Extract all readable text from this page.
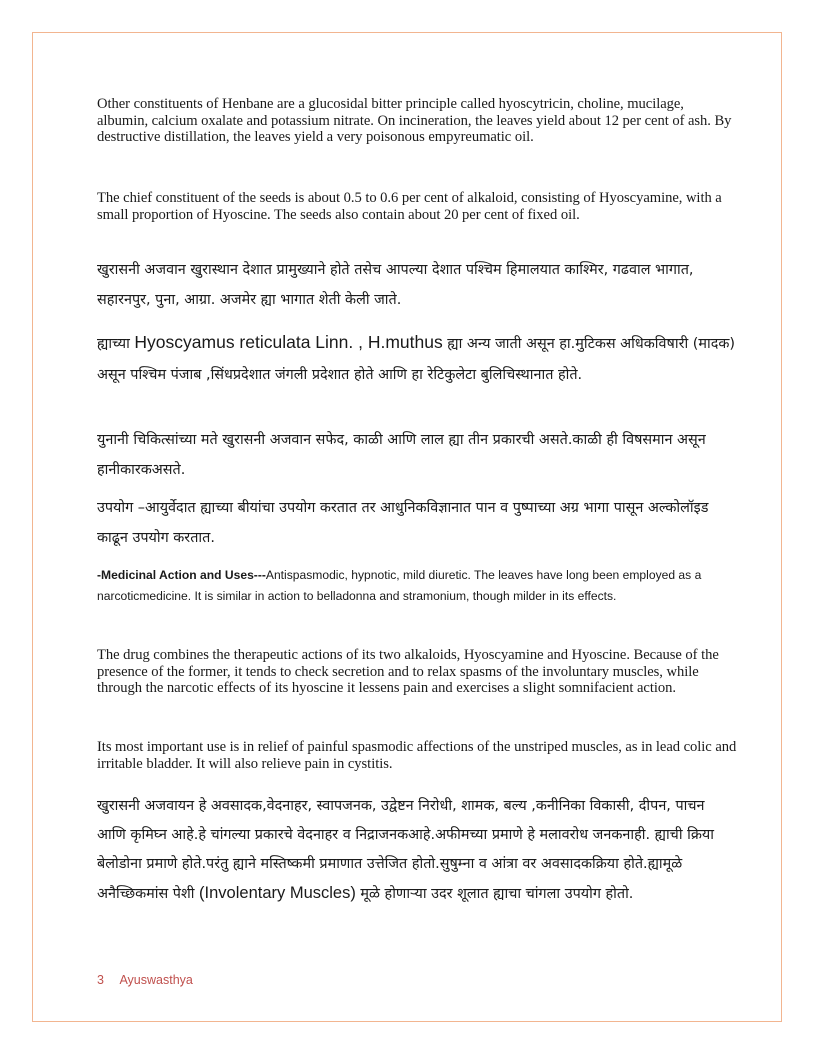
Other constituents of Henbane are a glucosidal bitter principle called hyoscytricin, choline, mucilage, albumin, calcium oxalate and potassium nitrate. On incineration, the leaves yield about 12 per cent of ash. By destructive distillation, the leaves yield a very poisonous empyreumatic oil.

The chief constituent of the seeds is about 0.5 to 0.6 per cent of alkaloid, consisting of Hyoscyamine, with a small proportion of Hyoscine. The seeds also contain about 20 per cent of fixed oil.

खुरासनी अजवान खुरास्थान देशात प्रामुख्याने होते तसेच आपल्या देशात पश्चिम हिमालयात काश्मिर, गढवाल भागात, सहारनपुर, पुना, आग्रा. अजमेर ह्या भागात शेती केली जाते.

ह्याच्या Hyoscyamus reticulata Linn. , H.muthus ह्या अन्य जाती असून हा.मुटिकस अधिकविषारी (मादक) असून पश्चिम पंजाब ,सिंधप्रदेशात जंगली प्रदेशात होते आणि हा रेटिकुलेटा बुलिचिस्थानात होते.

युनानी चिकित्सांच्या मते खुरासनी अजवान सफेद, काळी आणि लाल ह्या तीन प्रकारची असते.काळी ही विषसमान असून हानीकारकअसते.

उपयोग –आयुर्वेदात ह्याच्या बीयांचा उपयोग करतात तर आधुनिकविज्ञानात पान व पुष्पाच्या अग्र भागा पासून अल्कोलॉइड काढून उपयोग करतात.

-Medicinal Action and Uses---Antispasmodic, hypnotic, mild diuretic. The leaves have long been employed as a narcoticmedicine. It is similar in action to belladonna and stramonium, though milder in its effects.

The drug combines the therapeutic actions of its two alkaloids, Hyoscyamine and Hyoscine. Because of the presence of the former, it tends to check secretion and to relax spasms of the involuntary muscles, while through the narcotic effects of its hyoscine it lessens pain and exercises a slight somnifacient action.

Its most important use is in relief of painful spasmodic affections of the unstriped muscles, as in lead colic and irritable bladder. It will also relieve pain in cystitis.

खुरासनी अजवायन हे अवसादक,वेदनाहर, स्वापजनक, उद्वेष्टन निरोधी, शामक, बल्य ,कनीनिका विकासी, दीपन, पाचन आणि कृमिघ्न आहे.हे चांगल्या प्रकारचे वेदनाहर व निद्राजनकआहे.अफीमच्या प्रमाणे हे मलावरोध जनकनाही. ह्याची क्रिया बेलोडोना प्रमाणे होते.परंतु ह्याने मस्तिष्कमी प्रमाणात उत्तेजित होतो.सुषुम्ना व आंत्रा वर अवसादकक्रिया होते.ह्यामूळे अनैच्छिकमांस पेशी (Involentary Muscles) मूळे होणाऱ्या उदर शूलात ह्याचा चांगला उपयोग होतो.

3 Ayuswasthya
